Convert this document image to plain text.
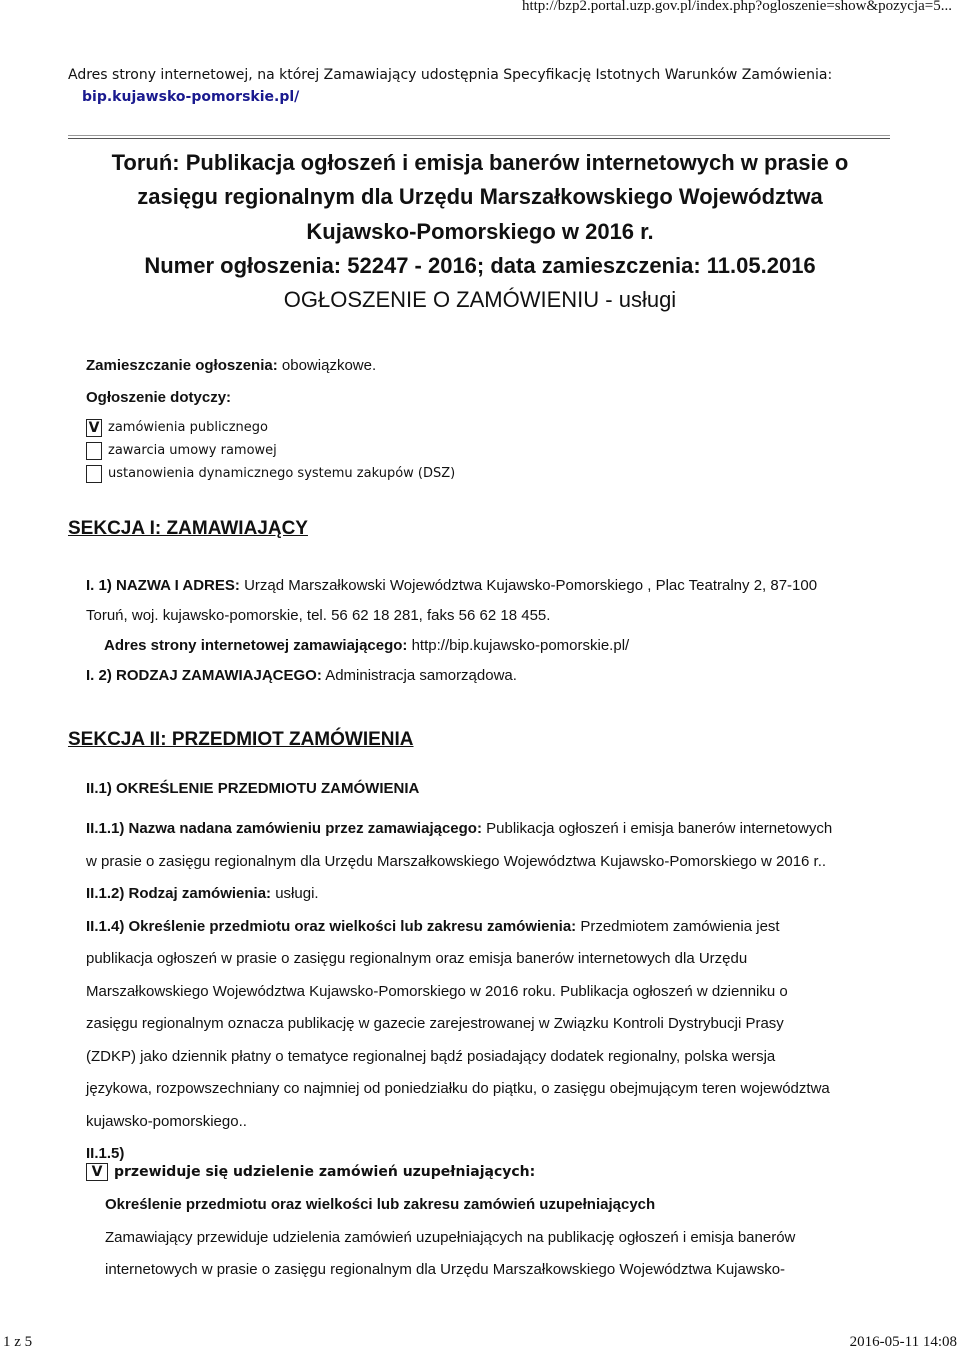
http://bzp2.portal.uzp.gov.pl/index.php?ogloszenie=show&pozycja=5...
Adres strony internetowej, na której Zamawiający udostępnia Specyfikację Istotnych Warunków Zamówienia:
bip.kujawsko-pomorskie.pl/
Toruń: Publikacja ogłoszeń i emisja banerów internetowych w prasie o
zasięgu regionalnym dla Urzędu Marszałkowskiego Województwa
Kujawsko-Pomorskiego w 2016 r.
Numer ogłoszenia: 52247 - 2016; data zamieszczenia: 11.05.2016
OGŁOSZENIE O ZAMÓWIENIU - usługi
Zamieszczanie ogłoszenia: obowiązkowe.
Ogłoszenie dotyczy:
V zamówienia publicznego
zawarcia umowy ramowej
ustanowienia dynamicznego systemu zakupów (DSZ)
SEKCJA I: ZAMAWIAJĄCY
I. 1) NAZWA I ADRES: Urząd Marszałkowski Województwa Kujawsko-Pomorskiego , Plac Teatralny 2, 87-100
Toruń, woj. kujawsko-pomorskie, tel. 56 62 18 281, faks 56 62 18 455.
Adres strony internetowej zamawiającego: http://bip.kujawsko-pomorskie.pl/
I. 2) RODZAJ ZAMAWIAJĄCEGO: Administracja samorządowa.
SEKCJA II: PRZEDMIOT ZAMÓWIENIA
II.1) OKREŚLENIE PRZEDMIOTU ZAMÓWIENIA
II.1.1) Nazwa nadana zamówieniu przez zamawiającego: Publikacja ogłoszeń i emisja banerów internetowych
w prasie o zasięgu regionalnym dla Urzędu Marszałkowskiego Województwa Kujawsko-Pomorskiego w 2016 r..
II.1.2) Rodzaj zamówienia: usługi.
II.1.4) Określenie przedmiotu oraz wielkości lub zakresu zamówienia: Przedmiotem zamówienia jest
publikacja ogłoszeń w prasie o zasięgu regionalnym oraz emisja banerów internetowych dla Urzędu
Marszałkowskiego Województwa Kujawsko-Pomorskiego w 2016 roku. Publikacja ogłoszeń w dzienniku o
zasięgu regionalnym oznacza publikację w gazecie zarejestrowanej w Związku Kontroli Dystrybucji Prasy
(ZDKP) jako dziennik płatny o tematyce regionalnej bądź posiadający dodatek regionalny, polska wersja
językowa, rozpowszechniany co najmniej od poniedziałku do piątku, o zasięgu obejmującym teren województwa
kujawsko-pomorskiego..
II.1.5)
V przewiduje się udzielenie zamówień uzupełniających:
Określenie przedmiotu oraz wielkości lub zakresu zamówień uzupełniających
Zamawiający przewiduje udzielenia zamówień uzupełniających na publikację ogłoszeń i emisja banerów
internetowych w prasie o zasięgu regionalnym dla Urzędu Marszałkowskiego Województwa Kujawsko-
1 z 5	2016-05-11 14:08
